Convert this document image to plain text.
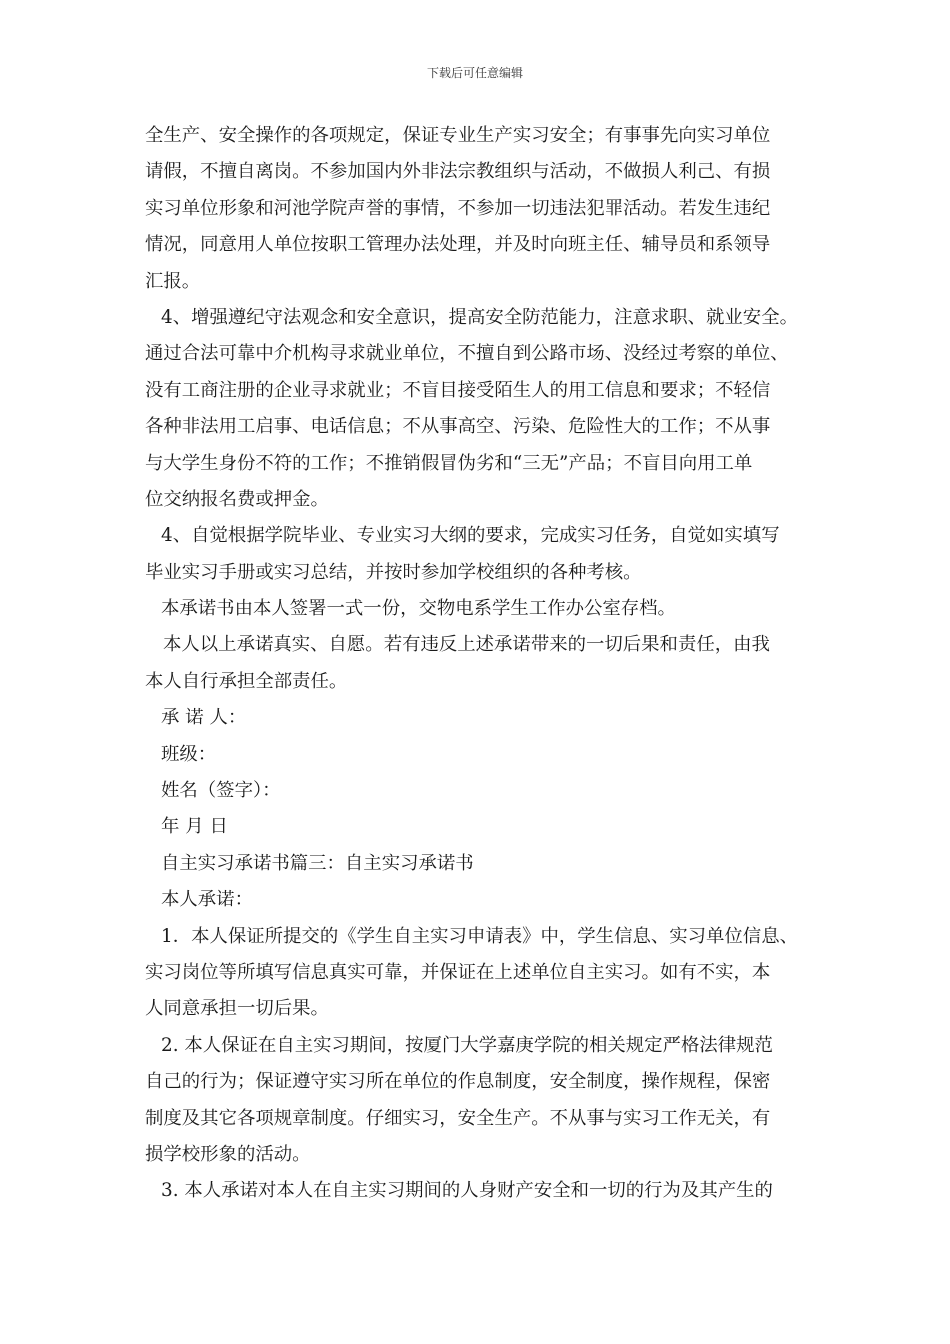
下载后可任意编辑
全生产、安全操作的各项规定，保证专业生产实习安全；有事事先向实习单位
请假，不擅自离岗。不参加国内外非法宗教组织与活动，不做损人利己、有损
实习单位形象和河池学院声誉的事情，不参加一切违法犯罪活动。若发生违纪
情况，同意用人单位按职工管理办法处理，并及时向班主任、辅导员和系领导
汇报。
4、增强遵纪守法观念和安全意识，提高安全防范能力，注意求职、就业安全。
通过合法可靠中介机构寻求就业单位，不擅自到公路市场、没经过考察的单位、
没有工商注册的企业寻求就业；不盲目接受陌生人的用工信息和要求；不轻信
各种非法用工启事、电话信息；不从事高空、污染、危险性大的工作；不从事
与大学生身份不符的工作；不推销假冒伪劣和“三无”产品；不盲目向用工单
位交纳报名费或押金。
4、自觉根据学院毕业、专业实习大纲的要求，完成实习任务，自觉如实填写
毕业实习手册或实习总结，并按时参加学校组织的各种考核。
本承诺书由本人签署一式一份，交物电系学生工作办公室存档。
本人以上承诺真实、自愿。若有违反上述承诺带来的一切后果和责任，由我
本人自行承担全部责任。
承 诺 人：
班级：
姓名（签字）：
年 月 日
自主实习承诺书篇三：自主实习承诺书
本人承诺：
1．本人保证所提交的《学生自主实习申请表》中，学生信息、实习单位信息、
实习岗位等所填写信息真实可靠，并保证在上述单位自主实习。如有不实，本
人同意承担一切后果。
2. 本人保证在自主实习期间，按厦门大学嘉庚学院的相关规定严格法律规范
自己的行为；保证遵守实习所在单位的作息制度，安全制度，操作规程，保密
制度及其它各项规章制度。仔细实习，安全生产。不从事与实习工作无关，有
损学校形象的活动。
3. 本人承诺对本人在自主实习期间的人身财产安全和一切的行为及其产生的
